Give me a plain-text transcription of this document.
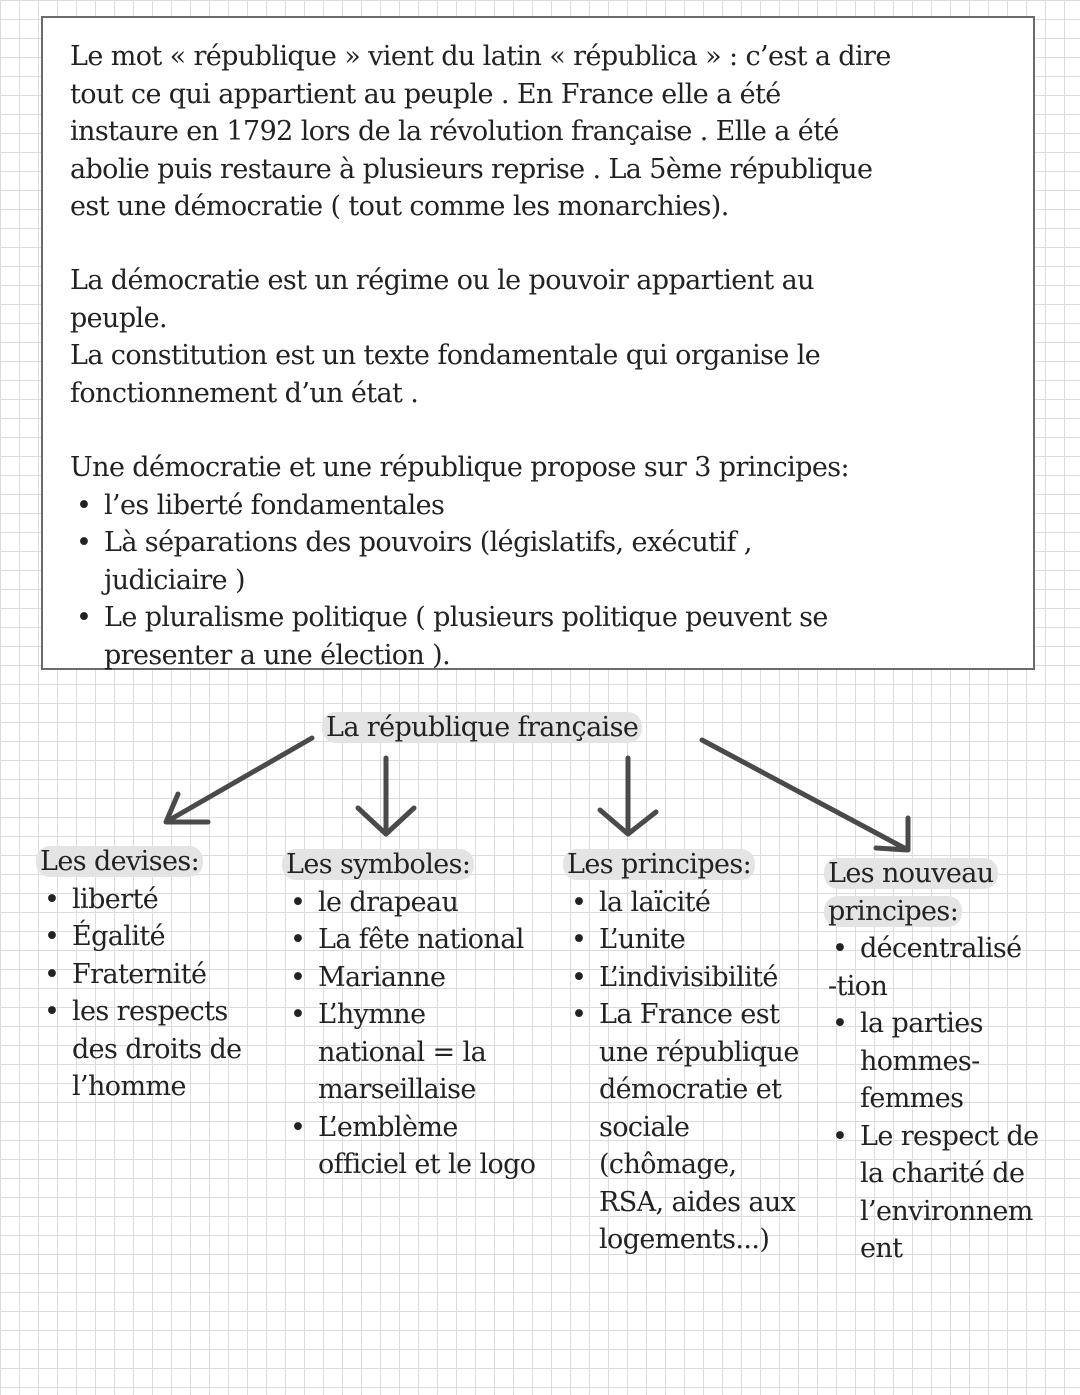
Le mot « république » vient du latin « républica » : c’est a dire

tout ce qui appartient au peuple . En France elle a été

instaure en 1792 lors de la révolution française . Elle a été

abolie puis restaure à plusieurs reprise . La 5ème république

est une démocratie ( tout comme les monarchies).

La démocratie est un régime ou le pouvoir appartient au

peuple.

La constitution est un texte fondamentale qui organise le

fonctionnement d’un état .

Une démocratie et une république propose sur 3 principes:

• l’es liberté fondamentales

• Là séparations des pouvoirs (législatifs, exécutif ,

judiciaire )

• Le pluralisme politique ( plusieurs politique peuvent se

presenter a une élection ).

La république française
Les devises:
• liberté
• Égalité
• Fraternité
• les respects
des droits de
l’homme
Les symboles:
• le drapeau
• La fête national
• Marianne
• L’hymne
national = la
marseillaise
• L’emblème
officiel et le logo
Les principes:
• la laïcité
• L’unite
• L’indivisibilité
• La France est
une république
démocratie et
sociale
(chômage,
RSA, aides aux
logements...)
Les nouveau
principes:
• décentralisé
-tion
• la parties
hommes-
femmes
• Le respect de
la charité de
l’environnem
ent
